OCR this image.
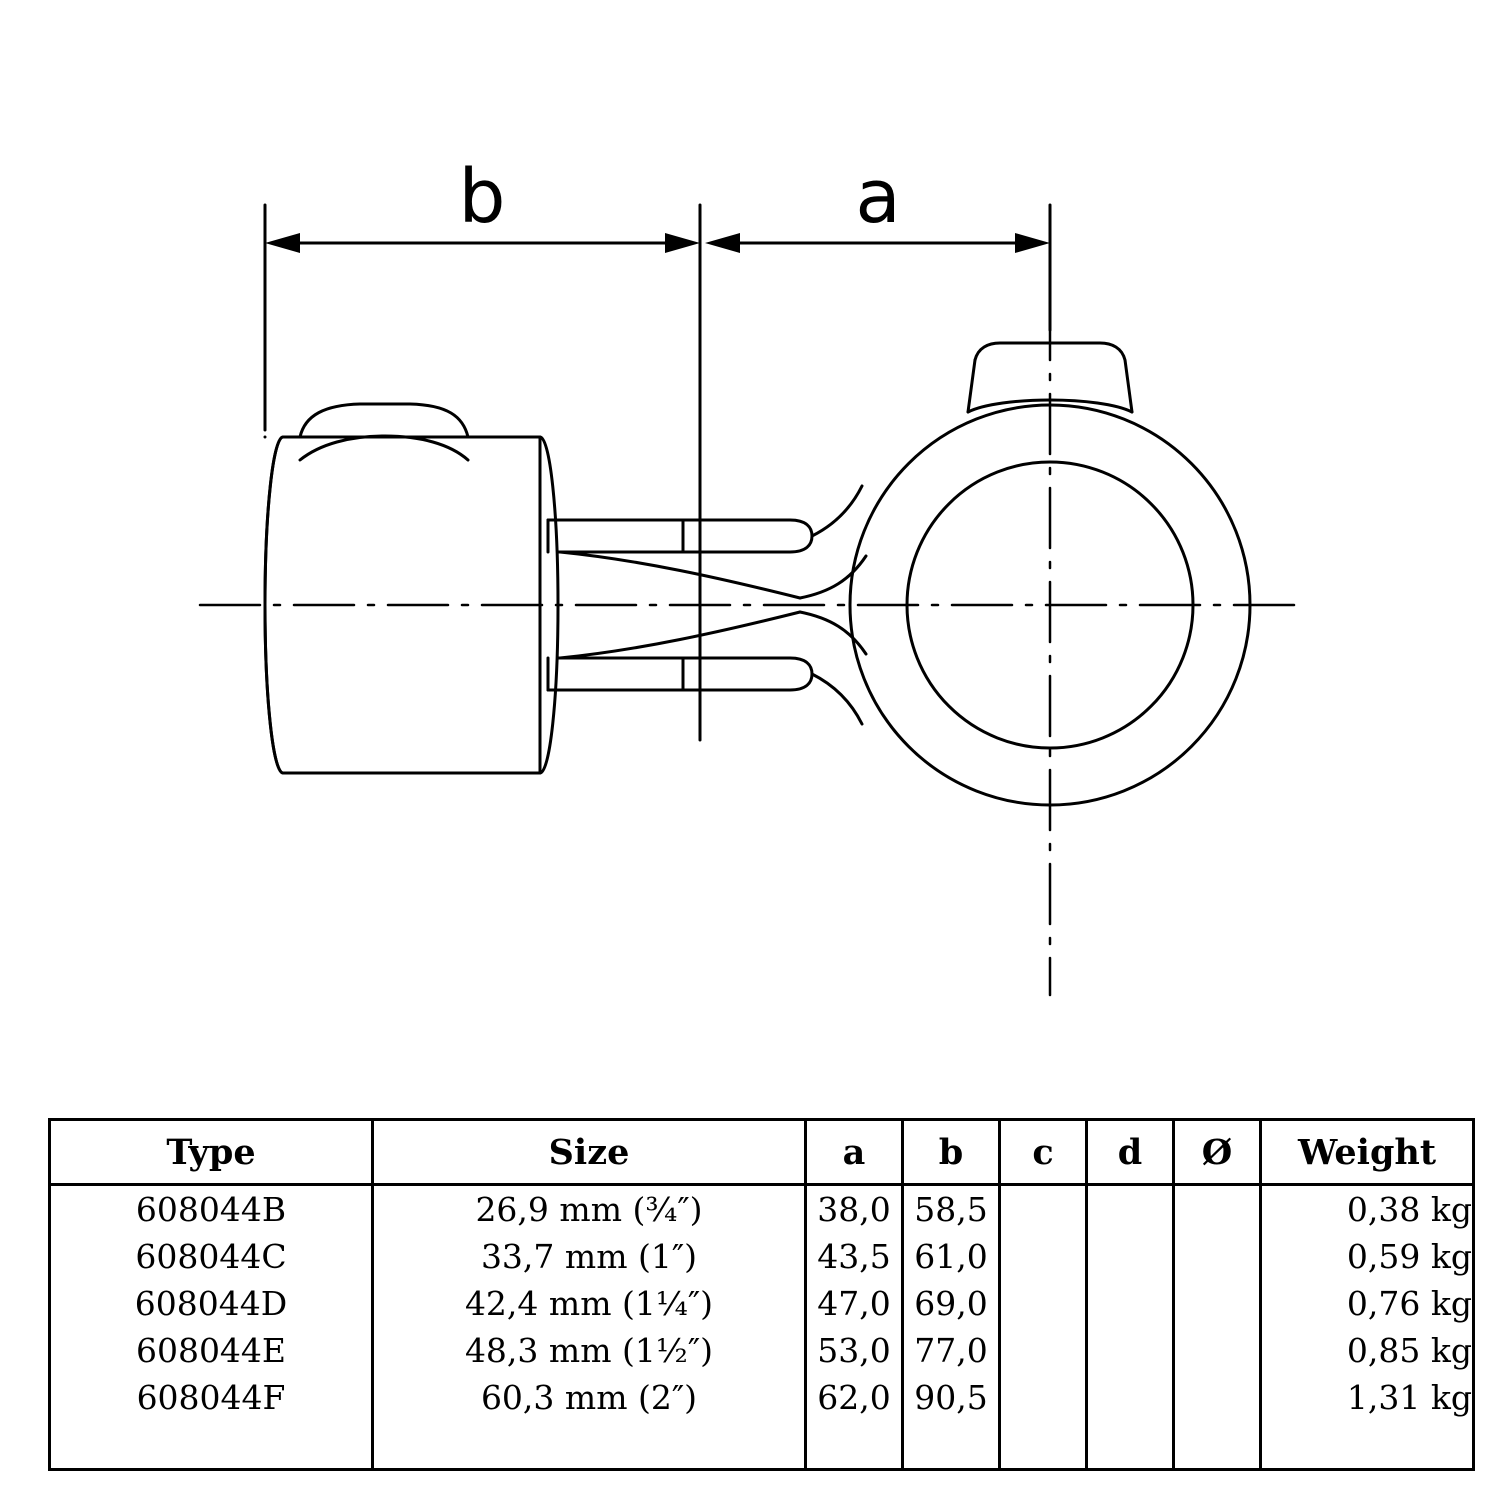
b	a
Type	Size	a	b	c	d	Ø	Weight
608044B	26,9 mm (¾″)	38,0	58,5				0,38 kg
608044C	33,7 mm (1″)	43,5	61,0				0,59 kg
608044D	42,4 mm (1¼″)	47,0	69,0				0,76 kg
608044E	48,3 mm (1½″)	53,0	77,0				0,85 kg
608044F	60,3 mm (2″)	62,0	90,5				1,31 kg
